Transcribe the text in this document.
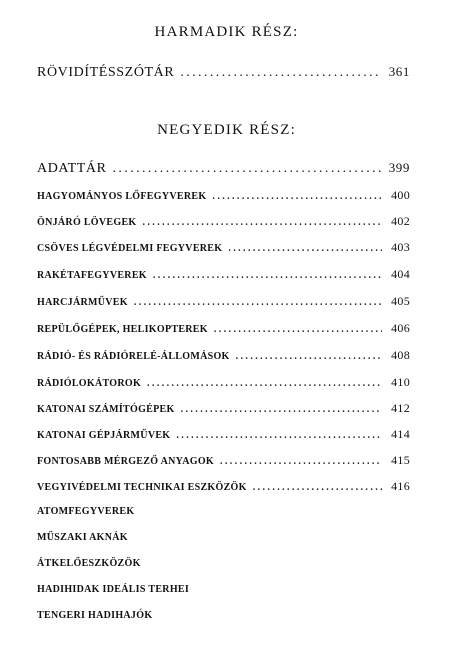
HARMADIK RÉSZ:
RÖVIDÍTÉSSZÓTÁR .....	361
NEGYEDIK RÉSZ:
ADATTÁR .....	399
HAGYOMÁNYOS LŐFEGYVEREK .....	400
ÖNJÁRÓ LÖVEGEK .....	402
CSÖVES LÉGVÉDELMI FEGYVEREK .....	403
RAKÉTAFEGYVEREK .....	404
HARCJÁRMŰVEK .....	405
REPÜLŐGÉPEK, HELIKOPTEREK .....	406
RÁDIÓ- ÉS RÁDIÓRELÉ-ÁLLOMÁSOK .....	408
RÁDIÓLOKÁTOROK .....	410
KATONAI SZÁMÍTÓGÉPEK .....	412
KATONAI GÉPJÁRMŰVEK .....	414
FONTOSABB MÉRGEZŐ ANYAGOK .....	415
VEGYIVÉDELMI TECHNIKAI ESZKÖZÖK .....	416
ATOMFEGYVEREK
MŰSZAKI AKNÁK
ÁTKELŐESZKÖZÖK
HADIHIDAK IDEÁLIS TERHEI
TENGERI HADIHAJÓK
